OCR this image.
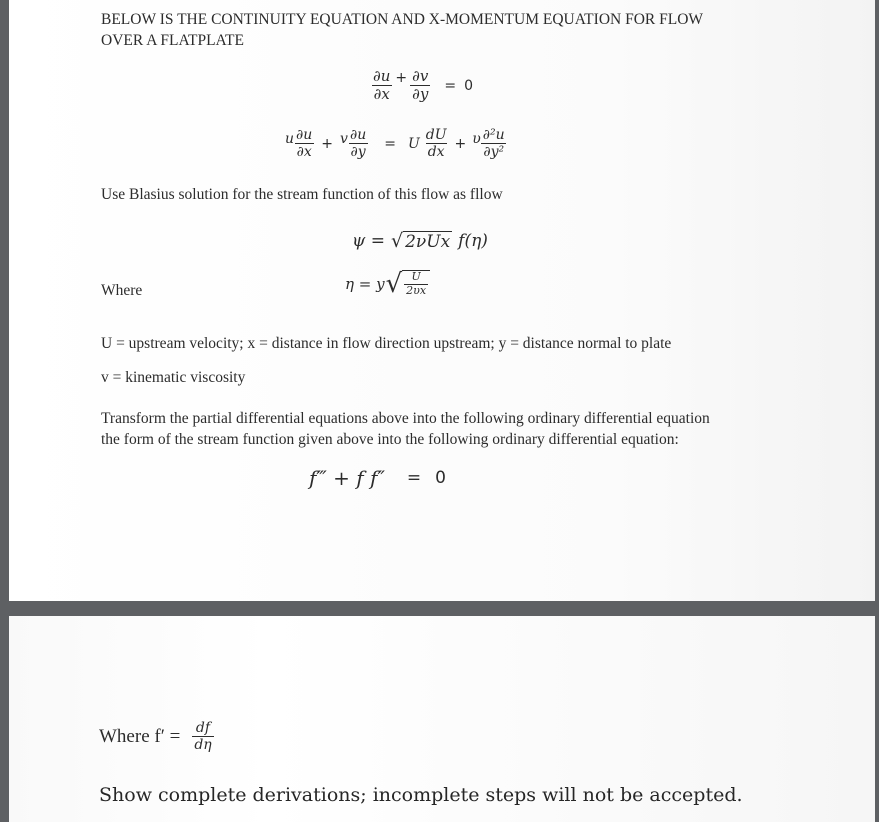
BELOW IS THE CONTINUITY EQUATION AND X-MOMENTUM EQUATION FOR FLOW
OVER A FLATPLATE
$\frac{\partial u}{\partial x} + \frac{\partial v}{\partial y} = 0$
u $\frac{\partial u}{\partial x} + v \frac{\partial u}{\partial y} = U \frac{dU}{dx} + \upsilon \frac{\text{∂²u}}{\text{∂y²}}$
Use Blasius solution for the stream function of this flow as fllow
ψ = √ 2νUx f(η)
Where	η = y √ $\frac{U}{2\upsilon x}$
U = upstream velocity; x = distance in flow direction upstream; y = distance normal to plate
v = kinematic viscosity
Transform the partial differential equations above into the following ordinary differential equation
the form of the stream function given above into the following ordinary differential equation:
f‴ + f f″ = 0
Where $f' = \frac{df}{d\eta}$
Show complete derivations; incomplete steps will not be accepted.
